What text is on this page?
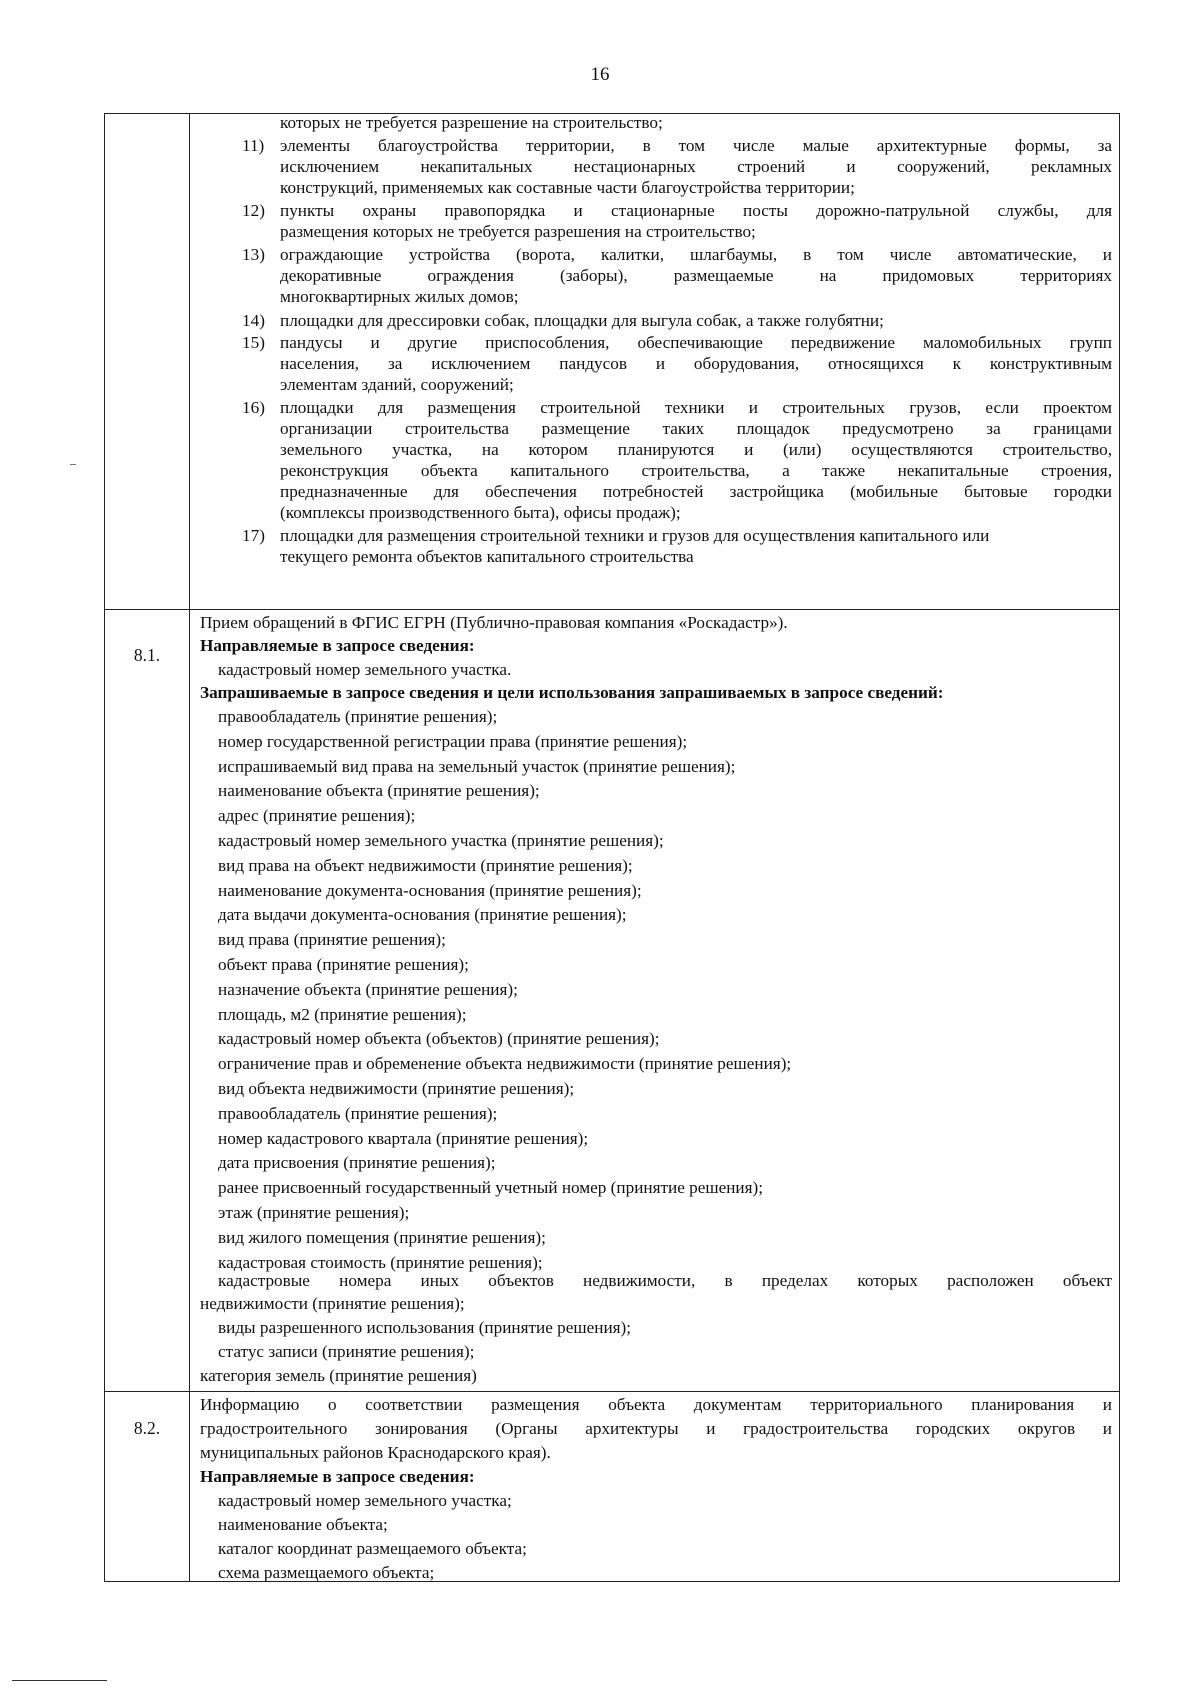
16
которых не требуется разрешение на строительство;
11) элементы благоустройства территории, в том числе малые архитектурные формы, за
исключением некапитальных нестационарных строений и сооружений, рекламных
конструкций, применяемых как составные части благоустройства территории;
12) пункты охраны правопорядка и стационарные посты дорожно-патрульной службы, для
размещения которых не требуется разрешения на строительство;
13) ограждающие устройства (ворота, калитки, шлагбаумы, в том числе автоматические, и
декоративные ограждения (заборы), размещаемые на придомовых территориях
многоквартирных жилых домов;
14) площадки для дрессировки собак, площадки для выгула собак, а также голубятни;
15) пандусы и другие приспособления, обеспечивающие передвижение маломобильных групп
населения, за исключением пандусов и оборудования, относящихся к конструктивным
элементам зданий, сооружений;
16) площадки для размещения строительной техники и строительных грузов, если проектом
организации строительства размещение таких площадок предусмотрено за границами
земельного участка, на котором планируются и (или) осуществляются строительство,
реконструкция объекта капитального строительства, а также некапитальные строения,
предназначенные для обеспечения потребностей застройщика (мобильные бытовые городки
(комплексы производственного быта), офисы продаж);
17) площадки для размещения строительной техники и грузов для осуществления капитального или
текущего ремонта объектов капитального строительства
8.1.
Прием обращений в ФГИС ЕГРН (Публично-правовая компания «Роскадастр»).
Направляемые в запросе сведения:
кадастровый номер земельного участка.
Запрашиваемые в запросе сведения и цели использования запрашиваемых в запросе сведений:
правообладатель (принятие решения);
номер государственной регистрации права (принятие решения);
испрашиваемый вид права на земельный участок (принятие решения);
наименование объекта (принятие решения);
адрес (принятие решения);
кадастровый номер земельного участка (принятие решения);
вид права на объект недвижимости (принятие решения);
наименование документа-основания (принятие решения);
дата выдачи документа-основания (принятие решения);
вид права (принятие решения);
объект права (принятие решения);
назначение объекта (принятие решения);
площадь, м2 (принятие решения);
кадастровый номер объекта (объектов) (принятие решения);
ограничение прав и обременение объекта недвижимости (принятие решения);
вид объекта недвижимости (принятие решения);
правообладатель (принятие решения);
номер кадастрового квартала (принятие решения);
дата присвоения (принятие решения);
ранее присвоенный государственный учетный номер (принятие решения);
этаж (принятие решения);
вид жилого помещения (принятие решения);
кадастровая стоимость (принятие решения);
кадастровые номера иных объектов недвижимости, в пределах которых расположен объект
недвижимости (принятие решения);
виды разрешенного использования (принятие решения);
статус записи (принятие решения);
категория земель (принятие решения)
8.2.
Информацию о соответствии размещения объекта документам территориального планирования и
градостроительного зонирования (Органы архитектуры и градостроительства городских округов и
муниципальных районов Краснодарского края).
Направляемые в запросе сведения:
кадастровый номер земельного участка;
наименование объекта;
каталог координат размещаемого объекта;
схема размещаемого объекта;
